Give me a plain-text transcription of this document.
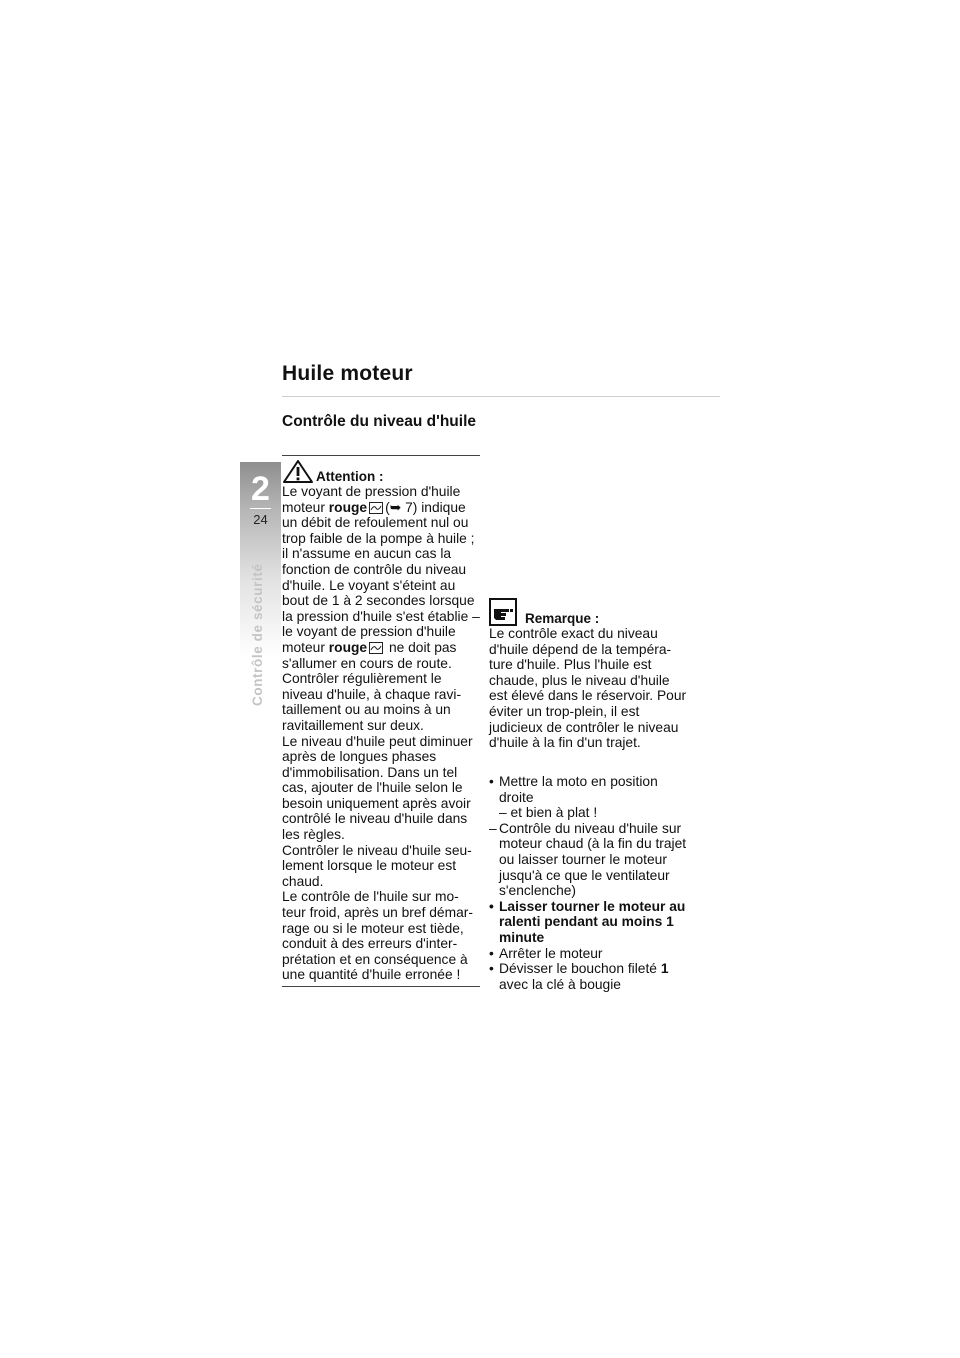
Huile moteur
Contrôle du niveau d'huile
2
24
Contrôle de sécurité
Attention :

Le voyant de pression d'huile moteur rouge (➥ 7) indique un débit de refoulement nul ou trop faible de la pompe à huile ; il n'assume en aucun cas la fonction de contrôle du niveau d'huile. Le voyant s'éteint au bout de 1 à 2 secondes lorsque la pression d'huile s'est établie – le voyant de pression d'huile moteur rouge ne doit pas s'allumer en cours de route.

Contrôler régulièrement le niveau d'huile, à chaque ravi-taillement ou au moins à un ravitaillement sur deux.

Le niveau d'huile peut diminuer après de longues phases d'immobilisation. Dans un tel cas, ajouter de l'huile selon le besoin uniquement après avoir contrôlé le niveau d'huile dans les règles.

Contrôler le niveau d'huile seu-lement lorsque le moteur est chaud.

Le contrôle de l'huile sur mo-teur froid, après un bref démar-rage ou si le moteur est tiède, conduit à des erreurs d'inter-prétation et en conséquence à une quantité d'huile erronée !

Remarque :
Le contrôle exact du niveau d'huile dépend de la tempéra-ture d'huile. Plus l'huile est chaude, plus le niveau d'huile est élevé dans le réservoir. Pour éviter un trop-plein, il est judicieux de contrôler le niveau d'huile à la fin d'un trajet.
• Mettre la moto en position droite
– et bien à plat !
– Contrôle du niveau d'huile sur moteur chaud (à la fin du trajet ou laisser tourner le moteur jusqu'à ce que le ventilateur s'enclenche)
• Laisser tourner le moteur au ralenti pendant au moins 1 minute
• Arrêter le moteur
• Dévisser le bouchon fileté 1 avec la clé à bougie
